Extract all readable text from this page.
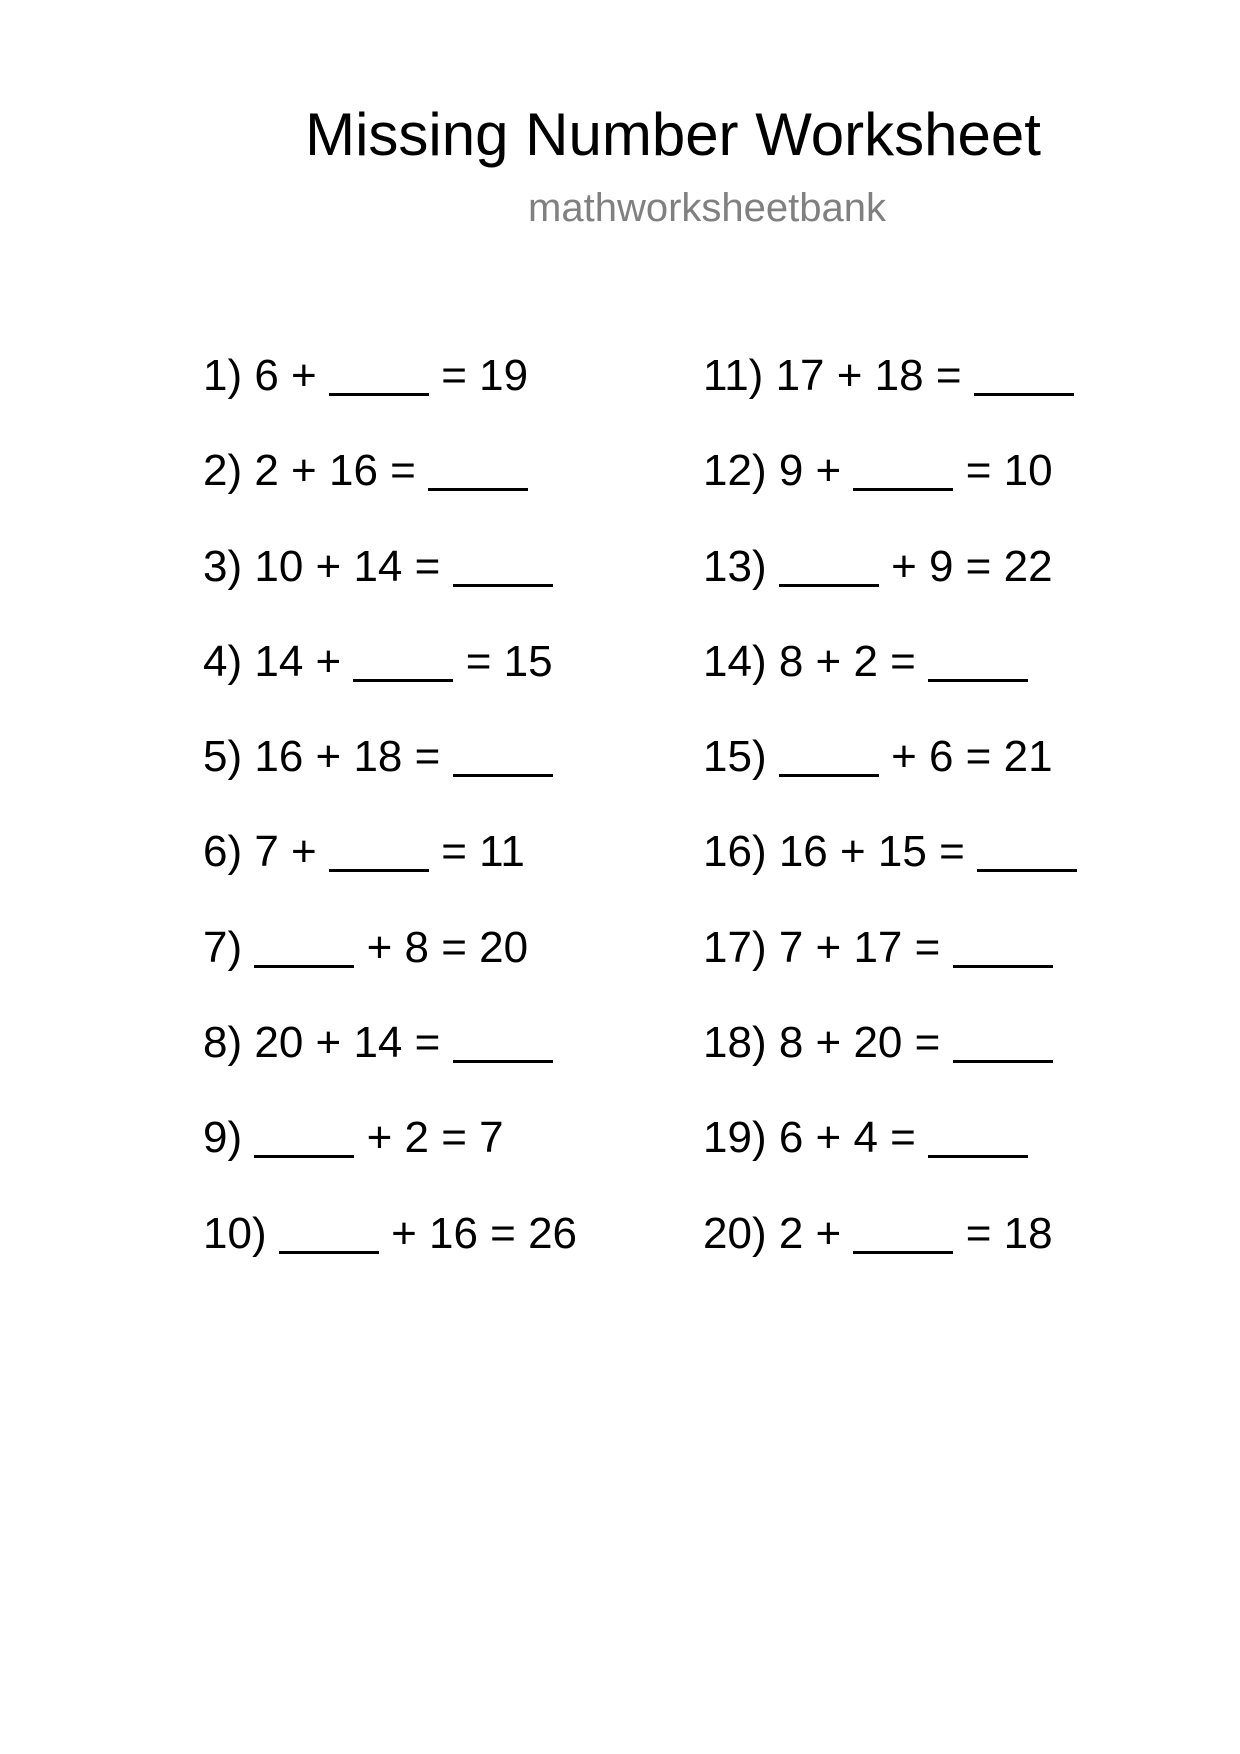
Missing Number Worksheet
mathworksheetbank
1) 6 +	= 19
2) 2 + 16 =
3) 10 + 14 =
4) 14 +	= 15
5) 16 + 18 =
6) 7 +	= 11
7)	+ 8 = 20
8) 20 + 14 =
9)	+ 2 = 7
10)	+ 16 = 26
11) 17 + 18 =
12) 9 +	= 10
13)	+ 9 = 22
14) 8 + 2 =
15)	+ 6 = 21
16) 16 + 15 =
17) 7 + 17 =
18) 8 + 20 =
19) 6 + 4 =
20) 2 +	= 18
